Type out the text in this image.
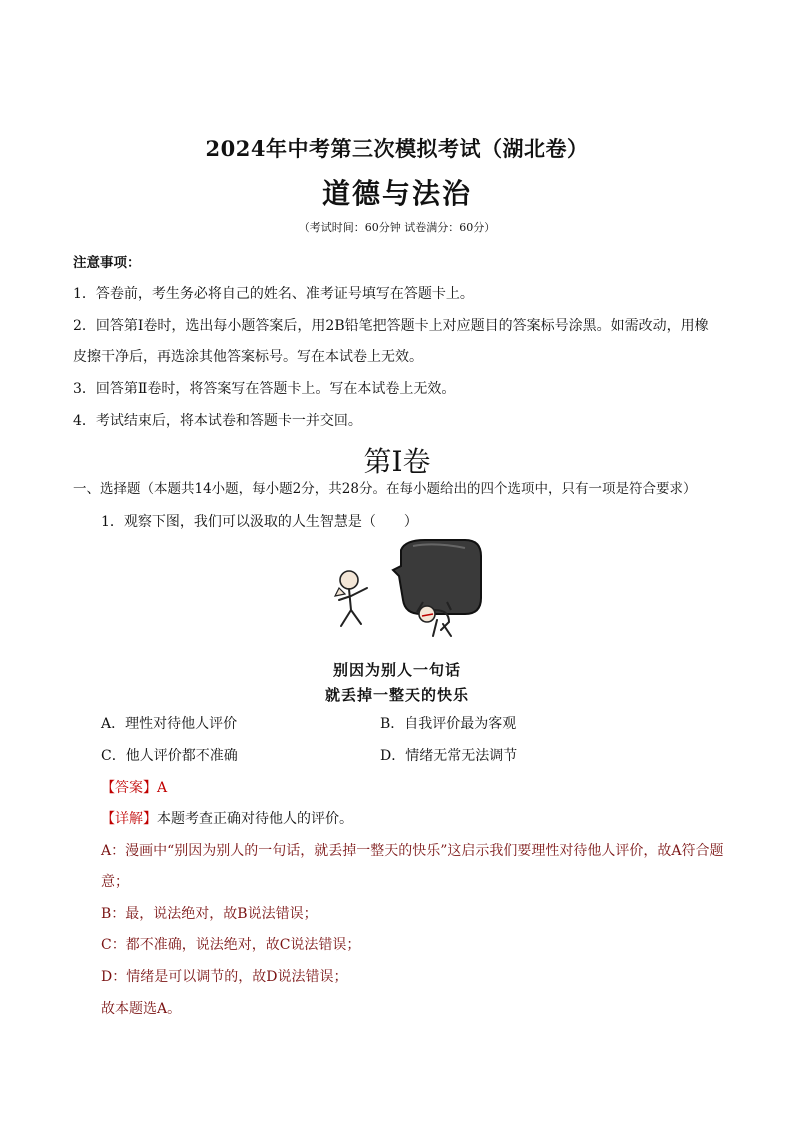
2024年中考第三次模拟考试（湖北卷）
道德与法治
（考试时间：60分钟 试卷满分：60分）
注意事项：
1．答卷前，考生务必将自己的姓名、准考证号填写在答题卡上。
2．回答第Ⅰ卷时，选出每小题答案后，用2B铅笔把答题卡上对应题目的答案标号涂黑。如需改动，用橡
皮擦干净后，再选涂其他答案标号。写在本试卷上无效。
3．回答第Ⅱ卷时，将答案写在答题卡上。写在本试卷上无效。
4．考试结束后，将本试卷和答题卡一并交回。
第Ⅰ卷
一、选择题（本题共14小题，每小题2分，共28分。在每小题给出的四个选项中，只有一项是符合要求）
1．观察下图，我们可以汲取的人生智慧是（　　）
别因为别人一句话
就丢掉一整天的快乐
A．理性对待他人评价	B．自我评价最为客观
C．他人评价都不准确	D．情绪无常无法调节
【答案】A
【详解】本题考查正确对待他人的评价。
A：漫画中“别因为别人的一句话，就丢掉一整天的快乐”这启示我们要理性对待他人评价，故A符合题
意；
B：最，说法绝对，故B说法错误；
C：都不准确，说法绝对，故C说法错误；
D：情绪是可以调节的，故D说法错误；
故本题选A。
